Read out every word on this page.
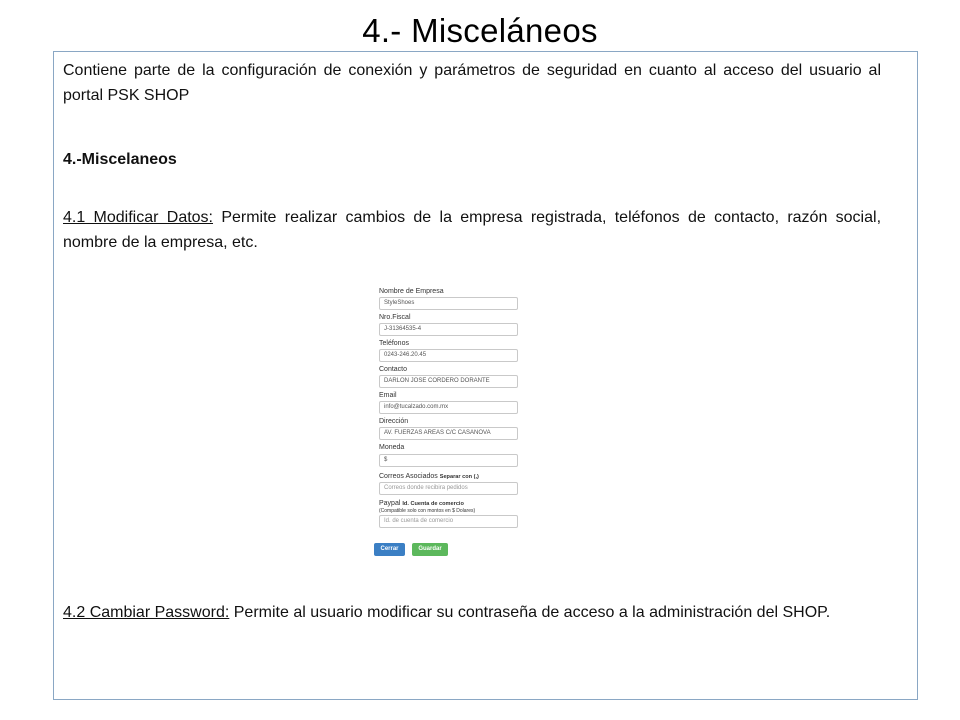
4.- Misceláneos
Contiene parte de la configuración de conexión y parámetros de seguridad en cuanto al acceso del usuario al portal PSK SHOP
4.-Miscelaneos
4.1 Modificar Datos: Permite realizar cambios de la empresa registrada, teléfonos de contacto, razón social, nombre de la empresa, etc.
Nombre de Empresa
StyleShoes
Nro.Fiscal
J-31364535-4
Teléfonos
0243-246.20.45
Contacto
DARLON JOSE CORDERO DORANTE
Email
info@tucalzado.com.mx
Dirección
AV. FUERZAS AREAS C/C CASANOVA
Moneda
$
Correos Asociados Separar con (,)
Correos donde recibira pedidos
Paypal Id. Cuenta de comercio
(Compatible solo con montos en $ Dolares)
Id. de cuenta de comercio
Cerrar	Guardar
4.2 Cambiar Password: Permite al usuario modificar su contraseña de acceso a la administración del SHOP.
